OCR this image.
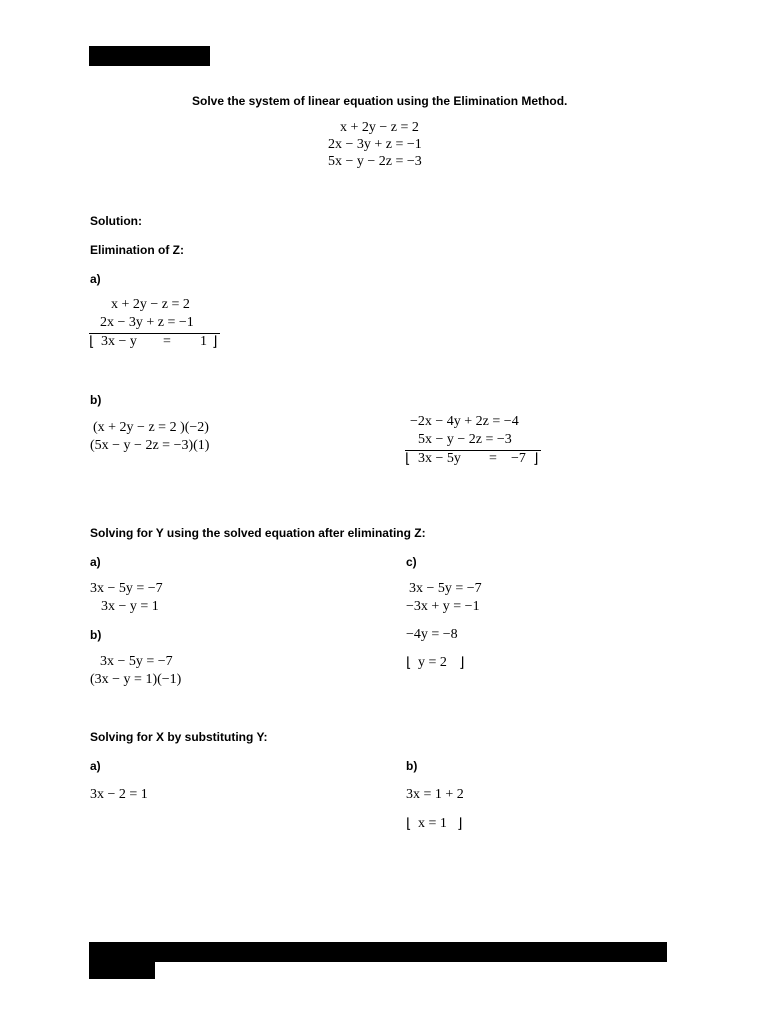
Solve the system of linear equation using the Elimination Method.
x + 2y − z = 2
2x − 3y + z = −1
5x − y − 2z = −3
Solution:
Elimination of Z:
a)
x + 2y − z = 2
2x − 3y + z = −1
⌊ 3x − y = 1 ⌋
b)
(x + 2y − z = 2 )(−2)
(5x − y − 2z = −3)(1)
−2x − 4y + 2z = −4
5x − y − 2z = −3
⌊ 3x − 5y = −7 ⌋
Solving for Y using the solved equation after eliminating Z:
a)
3x − 5y = −7
3x − y = 1
b)
3x − 5y = −7
(3x − y = 1)(−1)
c)
3x − 5y = −7
−3x + y = −1
−4y = −8
⌊ y = 2 ⌋
Solving for X by substituting Y:
a)
3x − 2 = 1
b)
3x = 1 + 2
⌊ x = 1 ⌋
